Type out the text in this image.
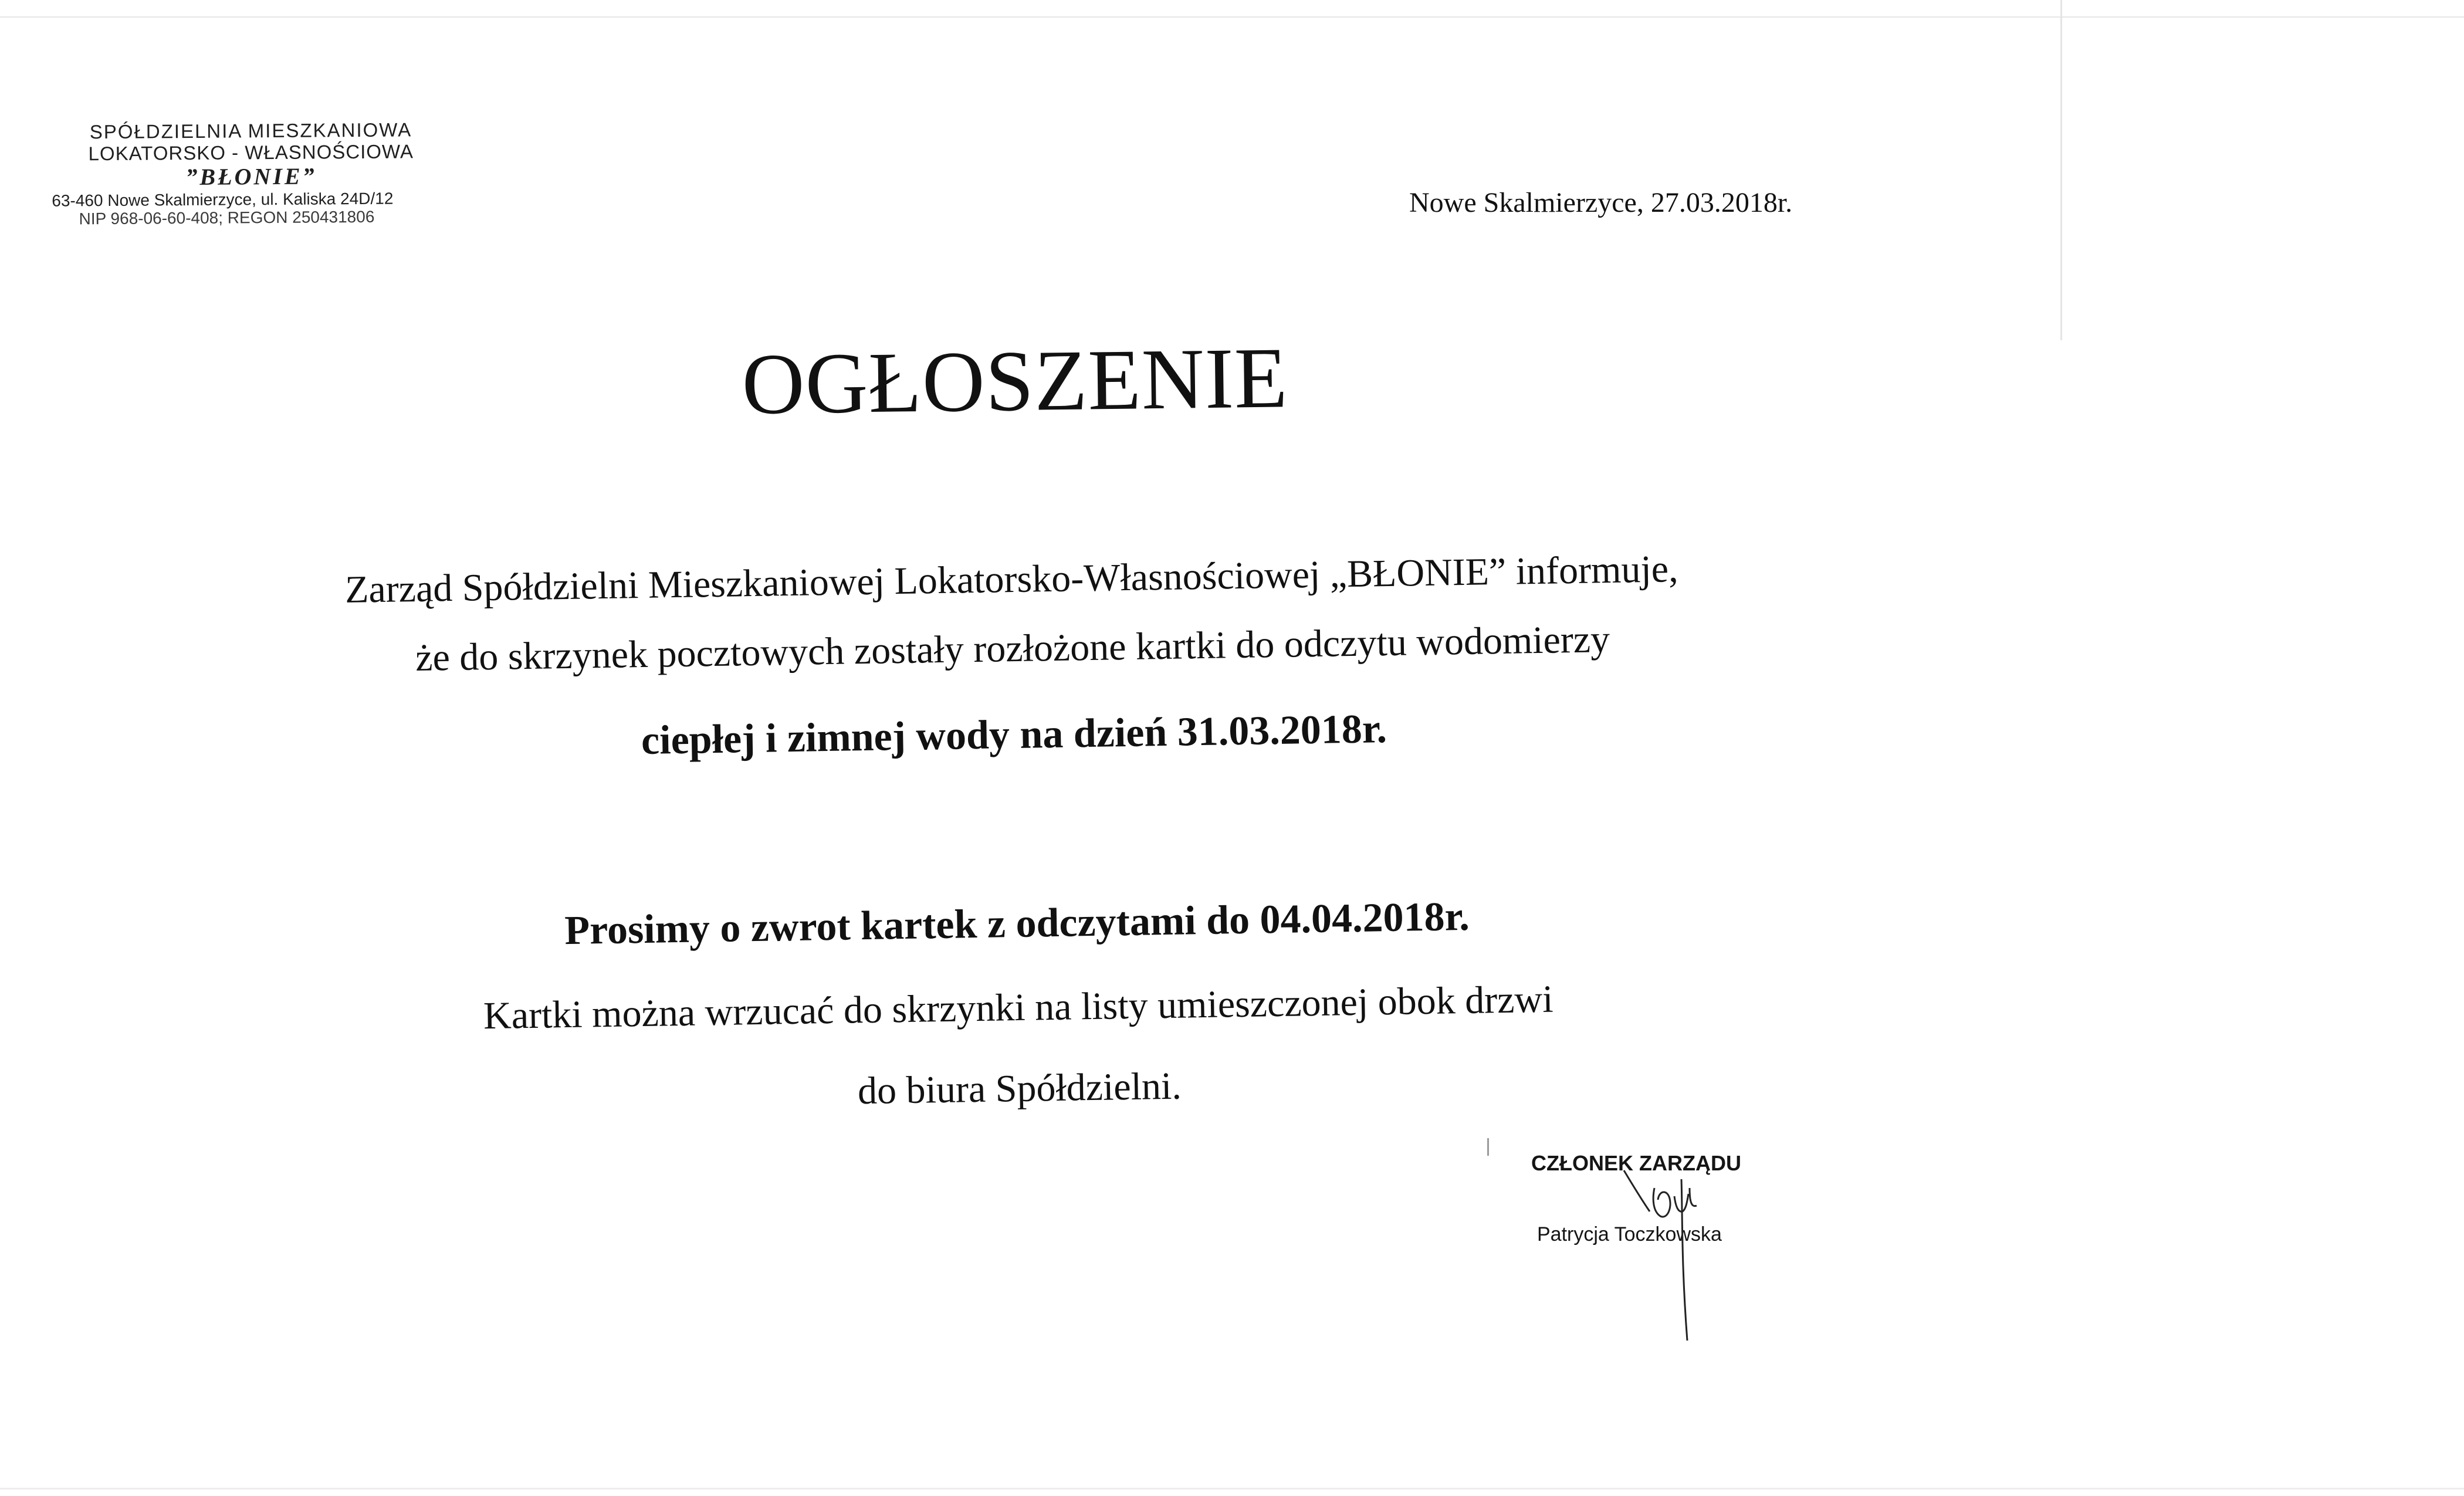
SPÓŁDZIELNIA MIESZKANIOWA
LOKATORSKO - WŁASNOŚCIOWA
”BŁONIE”
63-460 Nowe Skalmierzyce, ul. Kaliska 24D/12
NIP 968-06-60-408; REGON 250431806	Nowe Skalmierzyce, 27.03.2018r.
OGŁOSZENIE
Zarząd Spółdzielni Mieszkaniowej Lokatorsko-Własnościowej „BŁONIE” informuje,
że do skrzynek pocztowych zostały rozłożone kartki do odczytu wodomierzy
ciepłej i zimnej wody na dzień 31.03.2018r.
Prosimy o zwrot kartek z odczytami do 04.04.2018r.
Kartki można wrzucać do skrzynki na listy umieszczonej obok drzwi
do biura Spółdzielni.
CZŁONEK ZARZĄDU
Patrycja Toczkowska
